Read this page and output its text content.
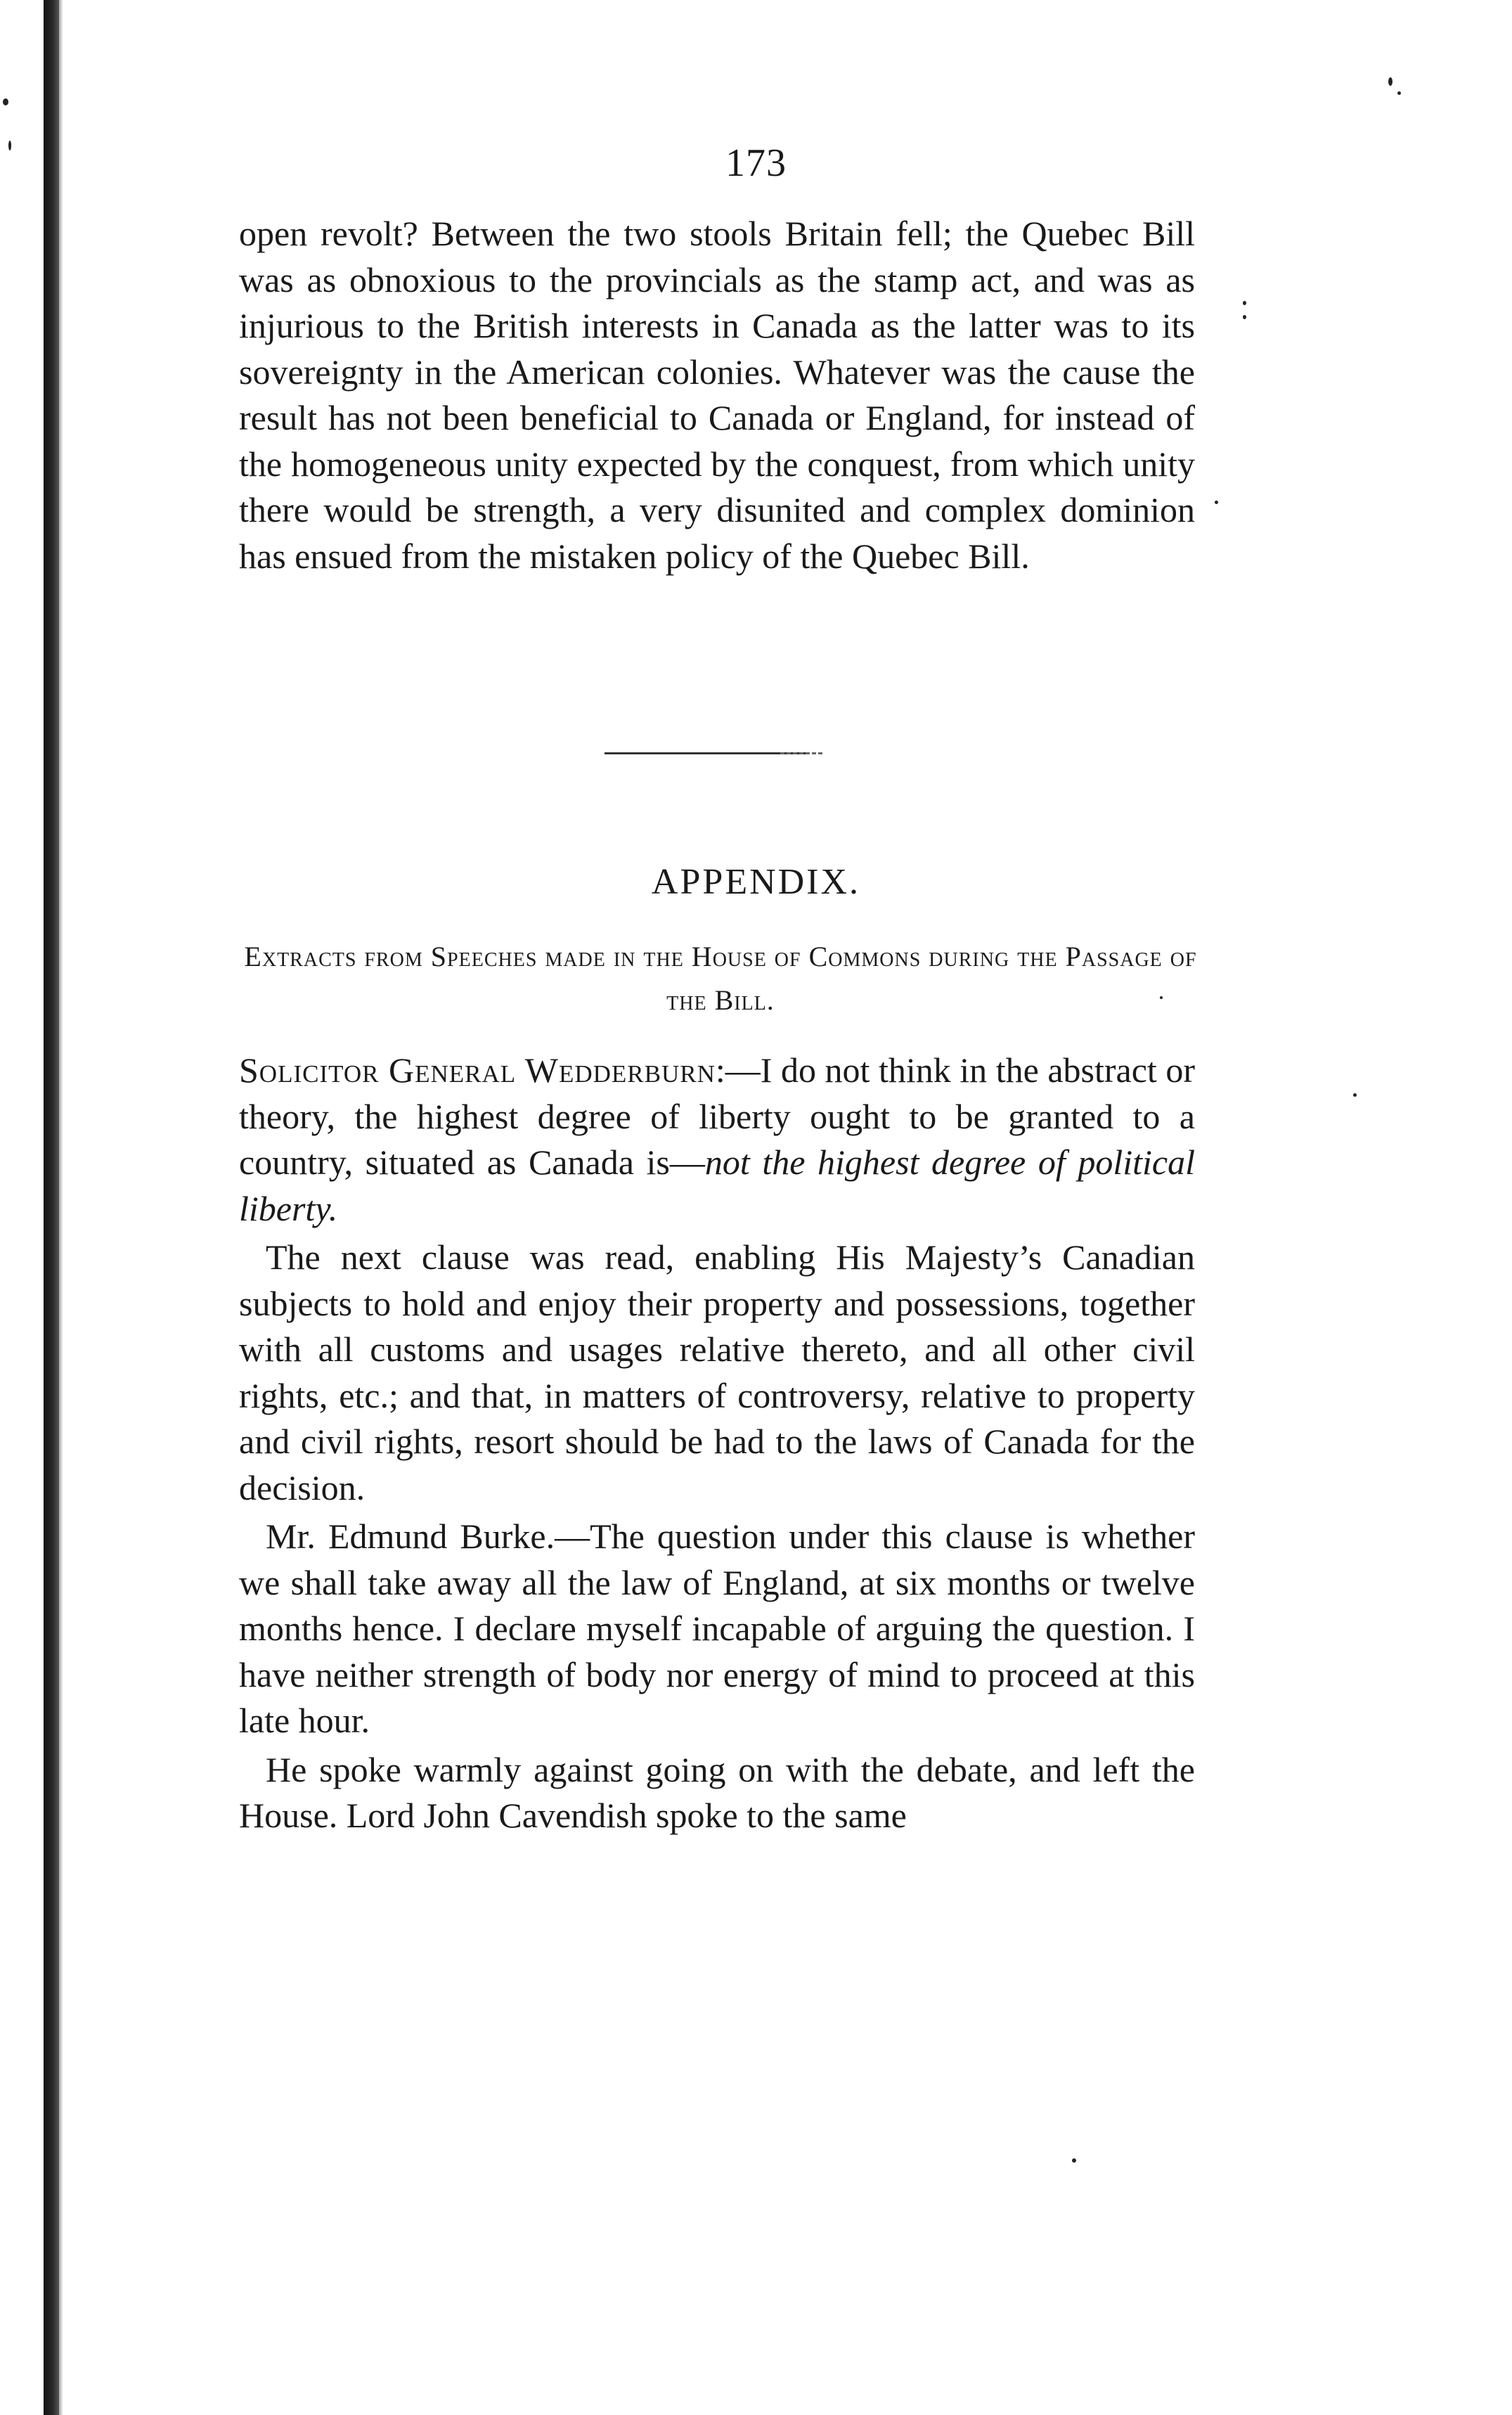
173

open revolt? Between the two stools Britain fell; the Quebec Bill was as obnoxious to the provincials as the stamp act, and was as injurious to the British interests in Canada as the latter was to its sovereignty in the American colonies. Whatever was the cause the result has not been beneficial to Canada or England, for instead of the homogeneous unity expected by the conquest, from which unity there would be strength, a very disunited and complex dominion has ensued from the mistaken policy of the Quebec Bill.

APPENDIX.
Extracts from Speeches made in the House of Commons during the Passage of the Bill.

Solicitor General Wedderburn:—I do not think in the abstract or theory, the highest degree of liberty ought to be granted to a country, situated as Canada is—not the highest degree of political liberty.

The next clause was read, enabling His Majesty’s Canadian subjects to hold and enjoy their property and possessions, together with all customs and usages relative thereto, and all other civil rights, etc.; and that, in matters of controversy, relative to property and civil rights, resort should be had to the laws of Canada for the decision.

Mr. Edmund Burke.—The question under this clause is whether we shall take away all the law of England, at six months or twelve months hence. I declare myself incapable of arguing the question. I have neither strength of body nor energy of mind to proceed at this late hour.

He spoke warmly against going on with the debate, and left the House. Lord John Cavendish spoke to the same
